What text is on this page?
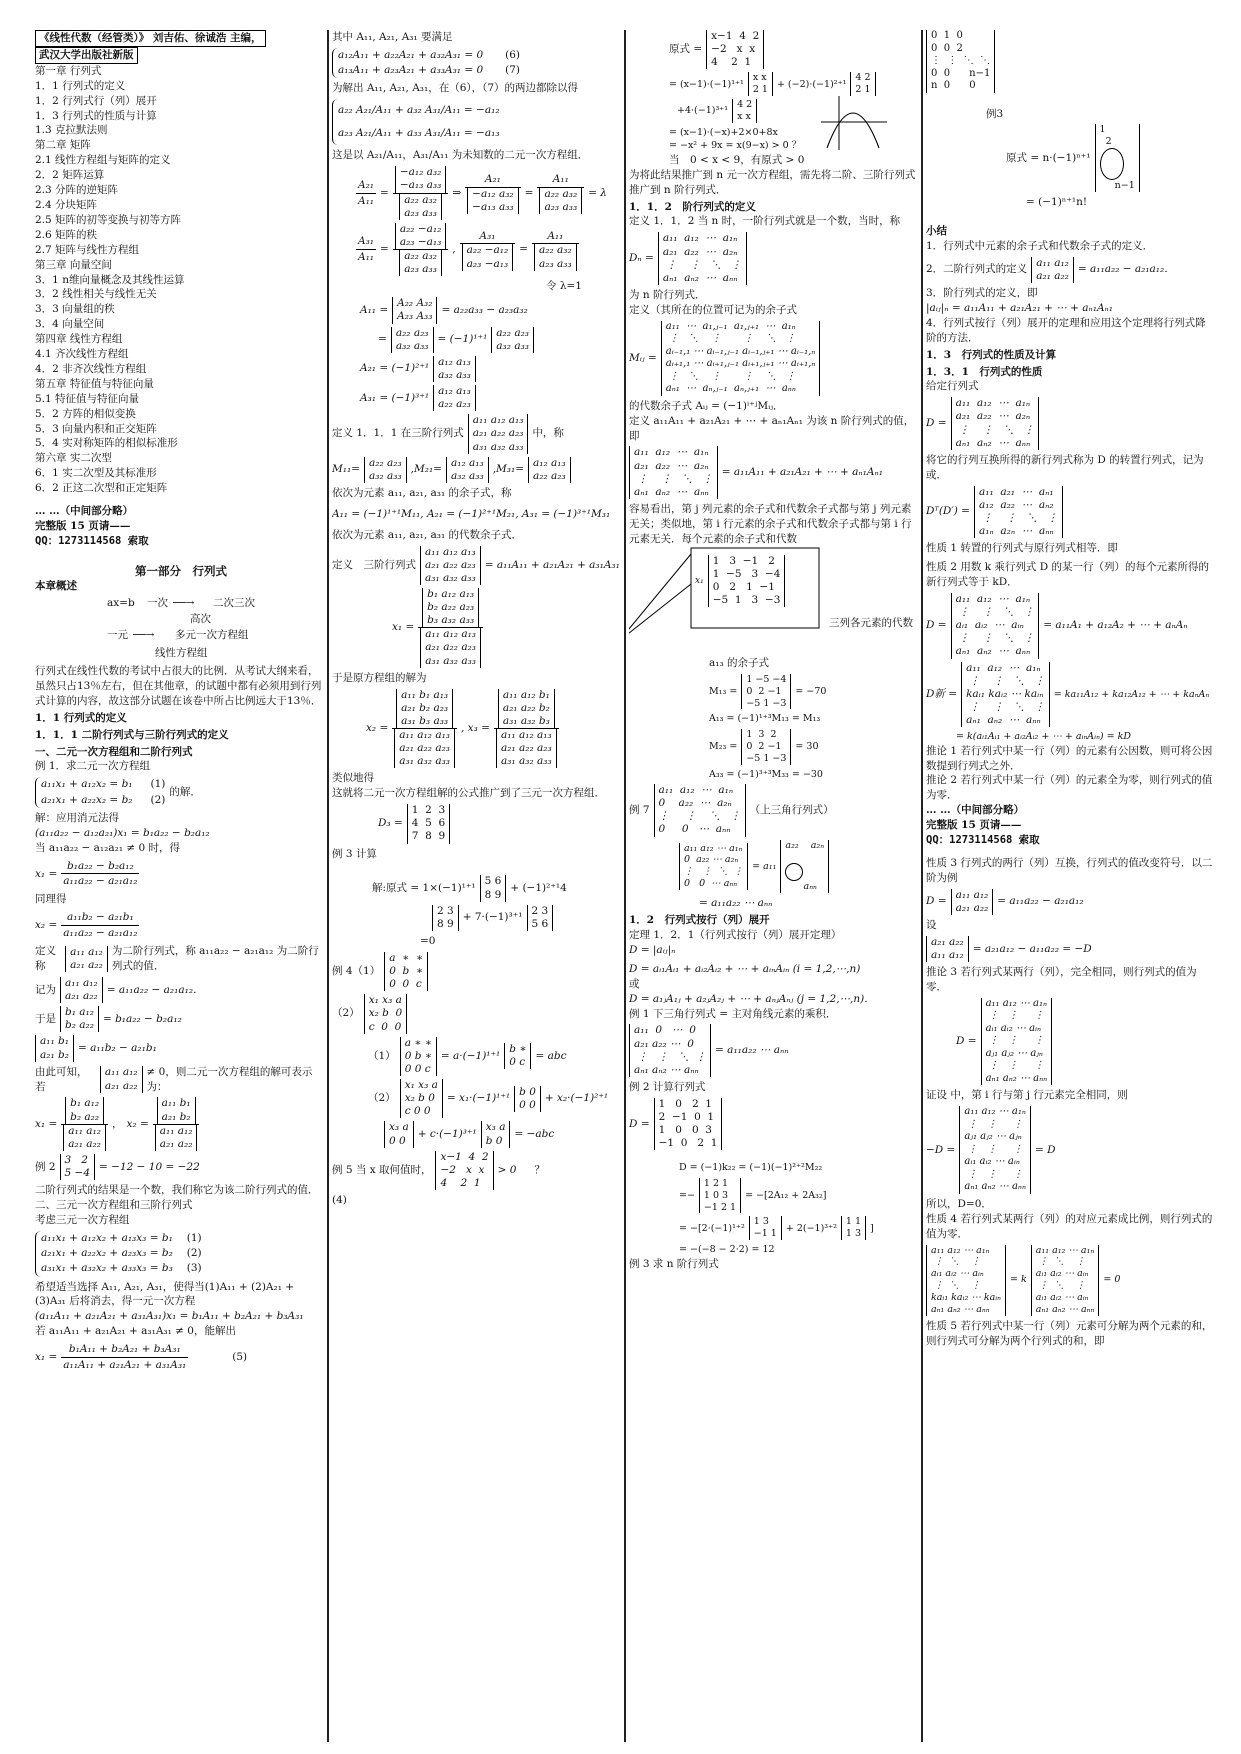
《线性代数（经管类）》 刘吉佑、徐诚浩 主编，
武汉大学出版社新版
第一章 行列式
1．1 行列式的定义
1．2 行列式行（列）展开
1．3 行列式的性质与计算
1.3 克拉默法则
第二章 矩阵
2.1 线性方程组与矩阵的定义
2．2 矩阵运算
2.3 分阵的逆矩阵
2.4 分块矩阵
2.5 矩阵的初等变换与初等方阵
2.6 矩阵的秩
2.7 矩阵与线性方程组
第三章 向量空间
3．1 n维向量概念及其线性运算
3．2 线性相关与线性无关
3．3 向量组的秩
3．4 向量空间
第四章 线性方程组
4.1 齐次线性方程组
4．2 非齐次线性方程组
第五章 特征值与特征向量
5.1 特征值与特征向量
5．2 方阵的相似变换
5．3 向量内积和正交矩阵
5．4 实对称矩阵的相似标准形
第六章 实二次型
6．1 实二次型及其标准形
6．2 正这二次型和正定矩阵
… …（中间部分略）
完整版 15 页请——
QQ：1273114568 索取
第一部分　行列式
本章概述
ax=b 一次 ──→ 二次三次
高次
一元 ──→ 多元一次方程组
线性方程组
行列式在线性代数的考试中占很大的比例．从考试大纲来看，虽然只占13％左右，但在其他章，的试题中都有必须用到行列式计算的内容，故这部分试题在该卷中所占比例远大于13％．
1．1 行列式的定义
1．1．1 二阶行列式与三阶行列式的定义
一、二元一次方程组和二阶行列式
例 1．求二元一次方程组
a₁₁x₁ + a₁₂x₂ = b₁
a₂₁x₁ + a₂₂x₂ = b₂
(1)
(2)
的解．
解：应用消元法得
(a₁₁a₂₂ − a₁₂a₂₁)x₁ = b₁a₂₂ − b₂a₁₂
当 a₁₁a₂₂ − a₁₂a₂₁ ≠ 0 时，得
$x_1 = \frac{\text{b₁a₂₂ − b₂a₁₂}}{\text{a₁₁a₂₂ − a₂₁a₁₂}}$
同理得
$x_2 = \frac{\text{a₁₁b₂ − a₂₁b₁}}{\text{a₁₁a₂₂ − a₂₁a₁₂}}$
定义称
a₁₁ a₁₂
a₂₁ a₂₂
为二阶行列式，称 a₁₁a₂₂ − a₂₁a₁₂ 为二阶行列式的值．
记为
a₁₁ a₁₂
a₂₁ a₂₂
= a₁₁a₂₂ − a₂₁a₁₂．
于是
b₁ a₁₂
b₂ a₂₂
= b₁a₂₂ − b₂a₁₂
a₁₁ b₁
a₂₁ b₂
= a₁₁b₂ − a₂₁b₁
由此可知，若
a₁₁ a₁₂
a₂₁ a₂₂
≠ 0，则二元一次方程组的解可表示为：
x₁ = b₁ a₁₂
b₂ a₂₂
a₁₁ a₁₂
a₂₁ a₂₂ ， x₂ = a₁₁ b₁
a₂₁ b₂
a₁₁ a₁₂
a₂₁ a₂₂
例 2
3   2
5 −4
= −12 − 10 = −22
二阶行列式的结果是一个数，我们称它为该二阶行列式的值．
二、三元一次方程组和三阶行列式
考虑三元一次方程组
a₁₁x₁ + a₁₂x₂ + a₁₃x₃ = b₁
a₂₁x₁ + a₂₂x₂ + a₂₃x₃ = b₂
a₃₁x₁ + a₃₂x₂ + a₃₃x₃ = b₃
(1)
(2)
(3)
希望适当选择 A₁₁, A₂₁, A₃₁，使得当(1)A₁₁ + (2)A₂₁ + (3)A₃₁ 后将消去，得一元一次方程
(a₁₁A₁₁ + a₂₁A₂₁ + a₃₁A₃₁)x₁ = b₁A₁₁ + b₂A₂₁ + b₃A₃₁
若 a₁₁A₁₁ + a₂₁A₂₁ + a₃₁A₃₁ ≠ 0，能解出
$x_1 = \frac{\text{b₁A₁₁ + b₂A₂₁ + b₃A₃₁}}{\text{a₁₁A₁₁ + a₂₁A₂₁ + a₃₁A₃₁}}$	(5)
其中 A₁₁, A₂₁, A₃₁ 要满足
a₁₂A₁₁ + a₂₂A₂₁ + a₃₂A₃₁ = 0
a₁₃A₁₁ + a₂₃A₂₁ + a₃₃A₃₁ = 0
(6)
(7)
为解出 A₁₁, A₂₁, A₃₁，在（6），（7）的两边都除以得
a₂₂ A₂₁/A₁₁ + a₃₂ A₃₁/A₁₁ = −a₁₂
a₂₃ A₂₁/A₁₁ + a₃₃ A₃₁/A₁₁ = −a₁₃
这是以 A₂₁/A₁₁，A₃₁/A₁₁ 为未知数的二元一次方程组．
$\frac{\text{A₂₁}}{\text{A₁₁}} = -a_{12}$ a₃₂
−a₁₃ a₃₃
a₂₂ a₃₂
a₂₃ a₃₃ ⇒ A₂₁
−a₁₂ a₃₂
−a₁₃ a₃₃ = A₁₁
a₂₂ a₃₂
a₂₃ a₃₃ = λ
$\frac{\text{A₃₁}}{\text{A₁₁}} = a_{22} -a_{12}$
a₂₃ −a₁₃
a₂₂ a₃₂
a₂₃ a₃₃ , A₃₁
a₂₂ −a₁₂
a₂₃ −a₁₃ = A₁₁
a₂₂ a₃₂
a₂₃ a₃₃
令 λ=1
A₁₁ =
A₂₂ A₃₂
A₂₃ A₃₃
= a₂₂a₃₃ − a₂₃a₃₂
=
a₂₂ a₂₃
a₃₂ a₃₃
= (−1)¹⁺¹
a₂₂ a₂₃
a₃₂ a₃₃
A₂₁ = (−1)²⁺¹
a₁₂ a₁₃
a₃₂ a₃₃
A₃₁ = (−1)³⁺¹
a₁₂ a₁₃
a₂₂ a₂₃
定义 1．1．1 在三阶行列式
a₁₁ a₁₂ a₁₃
a₂₁ a₂₂ a₂₃
a₃₁ a₃₂ a₃₃
中，称
M₁₁=
a₂₂ a₂₃
a₃₂ a₃₃
,M₂₁=
a₁₂ a₁₃
a₃₂ a₃₃
,M₃₁=
a₁₂ a₁₃
a₂₂ a₂₃
依次为元素 a₁₁, a₂₁, a₃₁ 的余子式，称
A₁₁ = (−1)¹⁺¹M₁₁, A₂₁ = (−1)²⁺¹M₂₁, A₃₁ = (−1)³⁺¹M₃₁
依次为元素 a₁₁, a₂₁, a₃₁ 的代数余子式．
定义　三阶行列式
a₁₁ a₁₂ a₁₃
a₂₁ a₂₂ a₂₃
a₃₁ a₃₂ a₃₃
= a₁₁A₁₁ + a₂₁A₂₁ + a₃₁A₃₁
x₁ = b₁ a₁₂ a₁₃
b₂ a₂₂ a₂₃
b₃ a₃₂ a₃₃
a₁₁ a₁₂ a₁₃
a₂₁ a₂₂ a₂₃
a₃₁ a₃₂ a₃₃
于是原方程组的解为
x₂ = a₁₁ b₁ a₁₃
a₂₁ b₂ a₂₃
a₃₁ b₃ a₃₃
a₁₁ a₁₂ a₁₃
a₂₁ a₂₂ a₂₃
a₃₁ a₃₂ a₃₃ , x₃ = a₁₁ a₁₂ b₁
a₂₁ a₂₂ b₂
a₃₁ a₃₂ b₃
a₁₁ a₁₂ a₁₃
a₂₁ a₂₂ a₂₃
a₃₁ a₃₂ a₃₃
类似地得
这就将二元一次方程组解的公式推广到了三元一次方程组．
D₃ =
1  2  3
4  5  6
7  8  9
例 3 计算
解:原式 = 1×(−1)¹⁺¹
5 6
8 9
+ (−1)²⁺¹4
2 3
8 9
+ 7·(−1)³⁺¹
2 3
5 6
=0
例 4（1）
a  ∗  ∗
0  b  ∗
0  0  c
（2）
x₁ x₃ a
x₂ b  0
c  0  0
（1）
a ∗ ∗
0 b ∗
0 0 c
= a·(−1)¹⁺¹
b ∗
0 c
= abc
（2）
x₁ x₃ a
x₂ b 0
c 0 0
= x₁·(−1)¹⁺¹
b 0
0 0
+ x₂·(−1)²⁺¹
x₃ a
0 0
+ c·(−1)³⁺¹
x₃ a
b 0
= −abc
例 5 当 x 取何值时，
x−1  4  2
−2   x  x
4    2  1
> 0 ？
(4)
原式 =
x−1  4  2
−2   x  x
4    2  1
= (x−1)·(−1)¹⁺¹
x x
2 1
+ (−2)·(−1)²⁺¹
4 2
2 1
+4·(−1)³⁺¹
4 2
x x
= (x−1)·(−x)+2×0+8x
= −x² + 9x = x(9−x) > 0 ？
当　0 < x < 9，有原式 > 0
为将此结果推广到 n 元一次方程组，需先将二阶、三阶行列式推广到 n 阶行列式．
1．1．2　阶行列式的定义
定义 1．1．2 当 n 时，一阶行列式就是一个数，当时，称
Dₙ =
a₁₁  a₁₂  ⋯  a₁ₙ
a₂₁  a₂₂  ⋯  a₂ₙ
⋮    ⋮   ⋱   ⋮
aₙ₁  aₙ₂  ⋯  aₙₙ
为 n 阶行列式．
定义（其所在的位置可记为的余子式
Mᵢⱼ =
a₁₁  ⋯  a₁,ⱼ₋₁  a₁,ⱼ₊₁  ⋯  a₁ₙ
⋮   ⋱    ⋮       ⋮    ⋱   ⋮
aᵢ₋₁,₁ ⋯ aᵢ₋₁,ⱼ₋₁ aᵢ₋₁,ⱼ₊₁ ⋯ aᵢ₋₁,ₙ
aᵢ₊₁,₁ ⋯ aᵢ₊₁,ⱼ₋₁ aᵢ₊₁,ⱼ₊₁ ⋯ aᵢ₊₁,ₙ
⋮   ⋱    ⋮       ⋮    ⋱   ⋮
aₙ₁  ⋯  aₙ,ⱼ₋₁  aₙ,ⱼ₊₁  ⋯  aₙₙ
的代数余子式 Aᵢⱼ = (−1)ⁱ⁺ʲMᵢⱼ．
定义 a₁₁A₁₁ + a₂₁A₂₁ + ⋯ + aₙ₁Aₙ₁ 为该 n 阶行列式的值，即
a₁₁  a₁₂  ⋯  a₁ₙ
a₂₁  a₂₂  ⋯  a₂ₙ
⋮    ⋮   ⋱   ⋮
aₙ₁  aₙ₂  ⋯  aₙₙ
= a₁₁A₁₁ + a₂₁A₂₁ + ⋯ + aₙ₁Aₙ₁
容易看出，第 j 列元素的余子式和代数余子式都与第 j 列元素无关；类似地，第 i 行元素的余子式和代数余子式都与第 i 行元素无关．每个元素的余子式和代数
x₁
1   3  −1   2
1  −5   3  −4
0   2   1  −1
−5  1   3  −3
三列各元素的代数
a₁₃ 的余子式
M₁₃ =
1 −5 −4
0  2 −1
−5 1 −3
= −70
A₁₃ = (−1)¹⁺³M₁₃ = M₁₃
M₂₃ =
1  3  2
0  2 −1
−5 1 −3
= 30
A₃₃ = (−1)³⁺³M₃₃ = −30
例 7
a₁₁  a₁₂  ⋯  a₁ₙ
0    a₂₂  ⋯  a₂ₙ
⋮     ⋮    ⋱   ⋮
0     0   ⋯  aₙₙ
（上三角行列式）
a₁₁ a₁₂ ⋯ a₁ₙ
0  a₂₂ ⋯ a₂ₙ
⋮   ⋮  ⋱  ⋮
0   0  ⋯ aₙₙ
= a₁₁
a₂₂    a₂ₙ

aₙₙ
= a₁₁a₂₂ ⋯ aₙₙ
1．2　行列式按行（列）展开
定理 1．2．1（行列式按行（列）展开定理）
D = |aᵢⱼ|ₙ
D = aᵢ₁Aᵢ₁ + aᵢ₂Aᵢ₂ + ⋯ + aᵢₙAᵢₙ (i = 1,2,⋯,n)
或
D = a₁ⱼA₁ⱼ + a₂ⱼA₂ⱼ + ⋯ + aₙⱼAₙⱼ (j = 1,2,⋯,n)．
例 1 下三角行列式 = 主对角线元素的乘积．
a₁₁  0   ⋯  0
a₂₁ a₂₂ ⋯  0
⋮   ⋮   ⋱  ⋮
aₙ₁ aₙ₂ ⋯ aₙₙ
= a₁₁a₂₂ ⋯ aₙₙ
例 2 计算行列式
D =
1   0   2  1
2  −1  0  1
1   0   0  3
−1  0   2  1
D = (−1)k₂₂ = (−1)(−1)²⁺²M₂₂
=−
1 2 1
1 0 3
−1 2 1
= −[2A₁₂ + 2A₃₂]
= −[2·(−1)¹⁺²
1 3
−1 1
+ 2(−1)³⁺²
1 1
1 3
]
= −(−8 − 2·2) = 12
例 3 求 n 阶行列式
0  1  0
0  0  2
⋮  ⋮  ⋱  ⋱
0  0      n−1
n  0      0
例3
原式 = n·(−1)ⁿ⁺¹
1
2
n−1
= (−1)ⁿ⁺¹n!
小结
1．行列式中元素的余子式和代数余子式的定义．
2．二阶行列式的定义
a₁₁ a₁₂
a₂₁ a₂₂
= a₁₁a₂₂ − a₂₁a₁₂．
3．阶行列式的定义，即
|aᵢⱼ|ₙ = a₁₁A₁₁ + a₂₁A₂₁ + ⋯ + aₙ₁Aₙ₁
4．行列式按行（列）展开的定理和应用这个定理将行列式降阶的方法．
1．3　行列式的性质及计算
1．3．1　行列式的性质
给定行列式
D =
a₁₁  a₁₂  ⋯  a₁ₙ
a₂₁  a₂₂  ⋯  a₂ₙ
⋮    ⋮   ⋱   ⋮
aₙ₁  aₙ₂  ⋯  aₙₙ
将它的行列互换所得的新行列式称为 D 的转置行列式，记为或．
Dᵀ(D′) =
a₁₁  a₂₁  ⋯  aₙ₁
a₁₂  a₂₂  ⋯  aₙ₂
⋮    ⋮   ⋱   ⋮
a₁ₙ  a₂ₙ  ⋯  aₙₙ
性质 1 转置的行列式与原行列式相等．即
性质 2 用数 k 乘行列式 D 的某一行（列）的每个元素所得的新行列式等于 kD．
D =
a₁₁  a₁₂  ⋯  a₁ₙ
⋮    ⋮   ⋱   ⋮
aᵢ₁  aᵢ₂  ⋯  aᵢₙ
⋮    ⋮   ⋱   ⋮
aₙ₁  aₙ₂  ⋯  aₙₙ
= a₁₁A₁ + a₁₂A₂ + ⋯ + aₙAₙ
D新 =
a₁₁  a₁₂  ⋯  a₁ₙ
⋮    ⋮   ⋱   ⋮
kaᵢ₁ kaᵢ₂ ⋯ kaᵢₙ
⋮    ⋮   ⋱   ⋮
aₙ₁  aₙ₂  ⋯  aₙₙ
= ka₁₁A₁₂ + ka₁₂A₁₂ + ⋯ + kaₙAₙ
= k(aᵢ₁Aᵢ₁ + aᵢ₂Aᵢ₂ + ⋯ + aᵢₙAᵢₙ) = kD
推论 1 若行列式中某一行（列）的元素有公因数，则可将公因数提到行列式之外．
推论 2 若行列式中某一行（列）的元素全为零，则行列式的值为零．
… …（中间部分略）
完整版 15 页请——
QQ：1273114568 索取
性质 3 行列式的两行（列）互换，行列式的值改变符号．以二阶为例
D =
a₁₁ a₁₂
a₂₁ a₂₂
= a₁₁a₂₂ − a₂₁a₁₂
设
a₂₁ a₂₂
a₁₁ a₁₂
= a₂₁a₁₂ − a₁₁a₂₂ = −D
推论 3 若行列式某两行（列），完全相同，则行列式的值为零．
D =
a₁₁ a₁₂ ⋯ a₁ₙ
⋮   ⋮     ⋮
aᵢ₁ aᵢ₂ ⋯ aᵢₙ
⋮   ⋮     ⋮
aⱼ₁ aⱼ₂ ⋯ aⱼₙ
⋮   ⋮     ⋮
aₙ₁ aₙ₂ ⋯ aₙₙ
证设 中，第 i 行与第 j 行元素完全相同，则
−D =
a₁₁ a₁₂ ⋯ a₁ₙ
⋮   ⋮     ⋮
aⱼ₁ aⱼ₂ ⋯ aⱼₙ
⋮   ⋮     ⋮
aᵢ₁ aᵢ₂ ⋯ aᵢₙ
⋮   ⋮     ⋮
aₙ₁ aₙ₂ ⋯ aₙₙ
= D
所以，D=0．
性质 4 若行列式某两行（列）的对应元素成比例，则行列式的值为零．
a₁₁ a₁₂ ⋯ a₁ₙ
⋮  ⋱    ⋮
aᵢ₁ aᵢ₂ ⋯ aᵢₙ
⋮  ⋱    ⋮
kaᵢ₁ kaᵢ₂ ⋯ kaᵢₙ
aₙ₁ aₙ₂ ⋯ aₙₙ
= k
a₁₁ a₁₂ ⋯ a₁ₙ
⋮  ⋱    ⋮
aᵢ₁ aᵢ₂ ⋯ aᵢₙ
⋮  ⋱    ⋮
aᵢ₁ aᵢ₂ ⋯ aᵢₙ
aₙ₁ aₙ₂ ⋯ aₙₙ
= 0
性质 5 若行列式中某一行（列）元素可分解为两个元素的和，则行列式可分解为两个行列式的和，即
